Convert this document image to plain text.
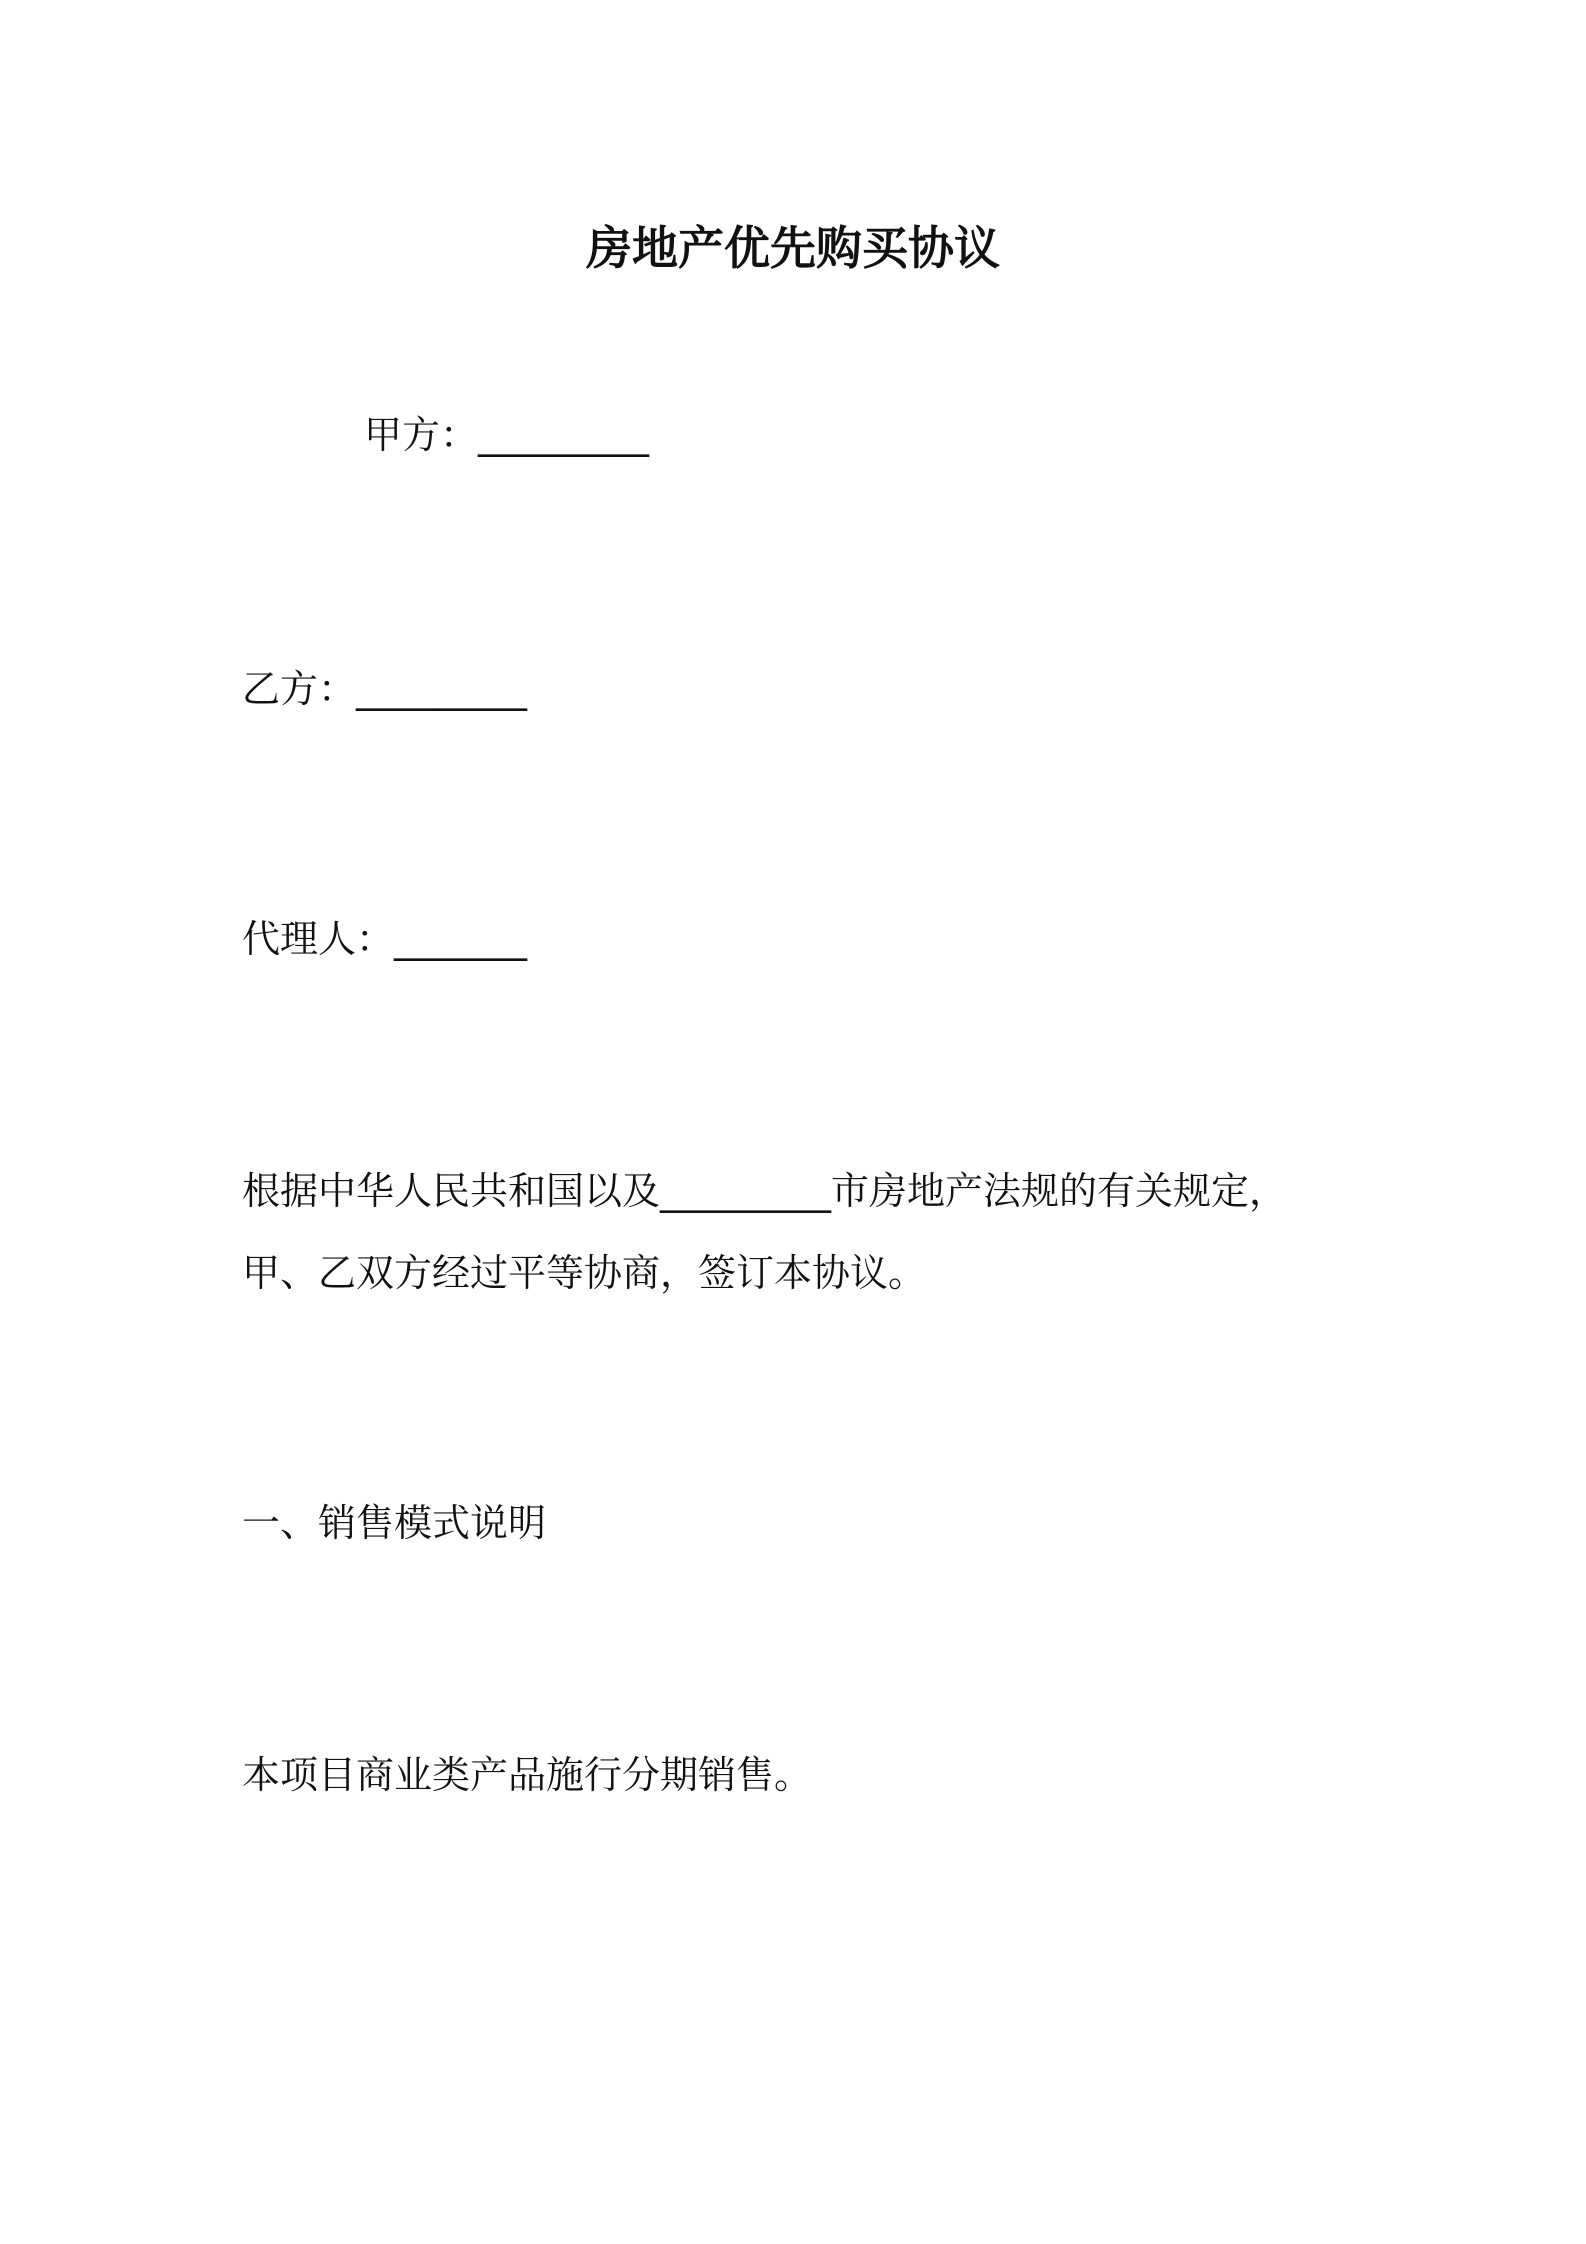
房地产优先购买协议
甲方：_________
乙方：_________
代理人：_______
根据中华人民共和国以及_________市房地产法规的有关规定，
甲、乙双方经过平等协商，签订本协议。
一、销售模式说明
本项目商业类产品施行分期销售。
